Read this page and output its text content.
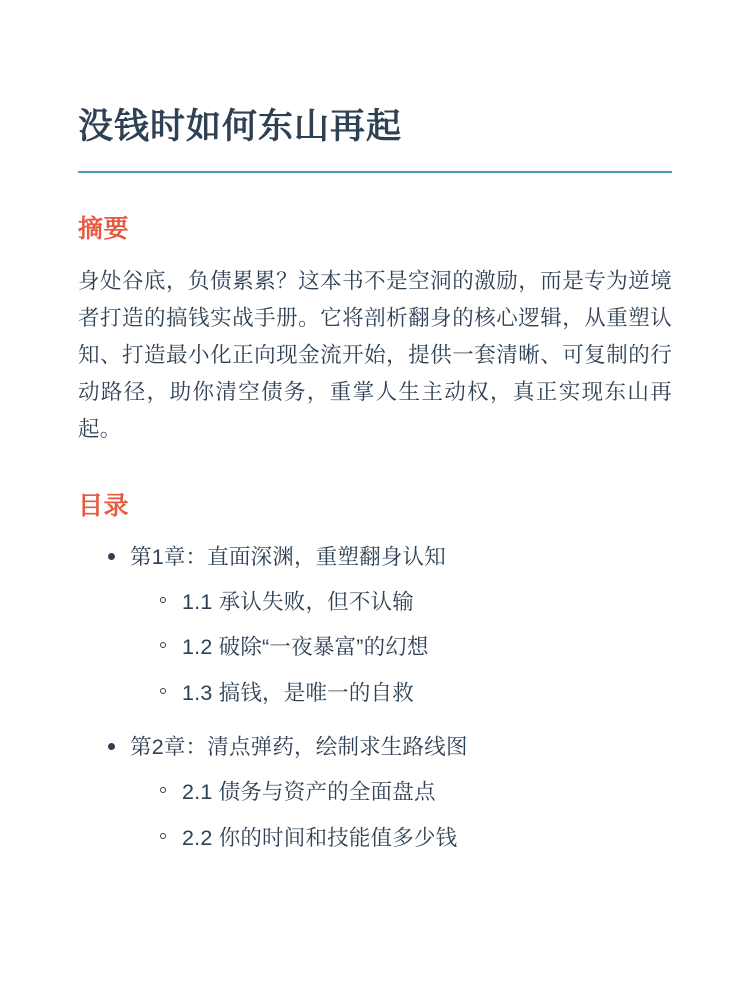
没钱时如何东山再起
摘要

身处谷底，负债累累？这本书不是空洞的激励，而是专为逆境者打造的搞钱实战手册。它将剖析翻身的核心逻辑，从重塑认知、打造最小化正向现金流开始，提供一套清晰、可复制的行动路径，助你清空债务，重掌人生主动权，真正实现东山再起。

目录
第1章：直面深渊，重塑翻身认知
1.1 承认失败，但不认输
1.2 破除“一夜暴富”的幻想
1.3 搞钱，是唯一的自救
第2章：清点弹药，绘制求生路线图
2.1 债务与资产的全面盘点
2.2 你的时间和技能值多少钱
